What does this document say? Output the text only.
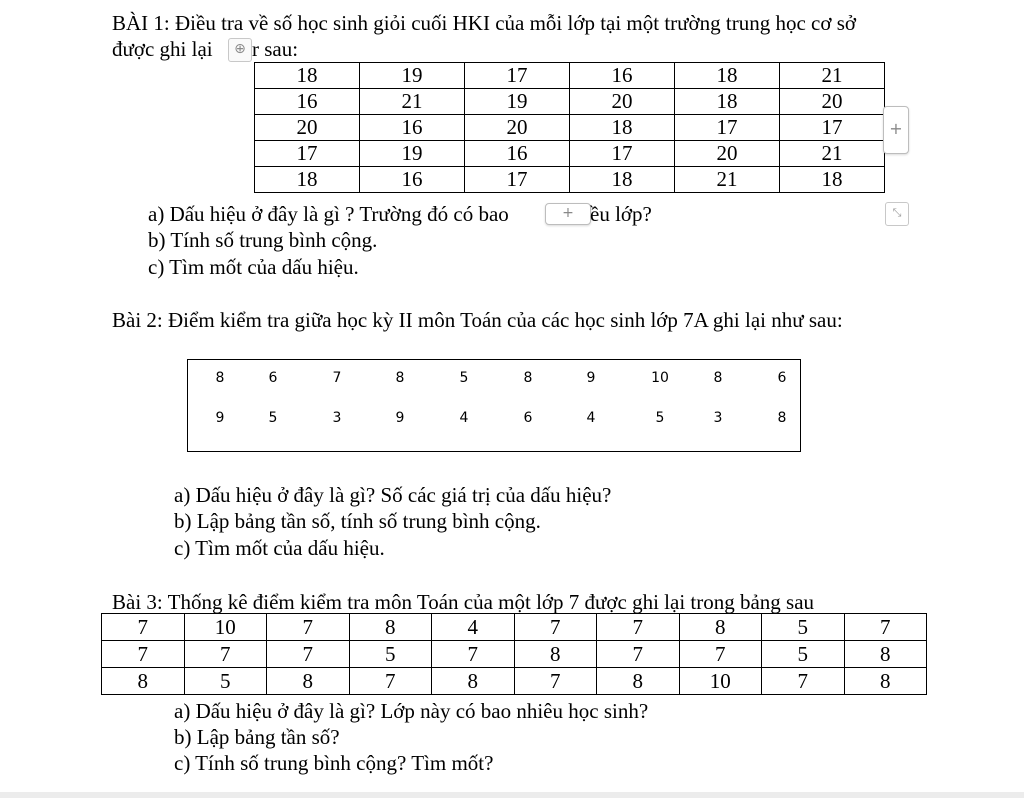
BÀI 1: Điều tra về số học sinh giỏi cuối HKI của mỗi lớp tại một trường trung học cơ sở
được ghi lại	⊕ r sau:
18	19	17	16	18	21
16	21	19	20	18	20
20	16	20	18	17	17
17	19	16	17	20	21
18	16	17	18	21	18
+
a) Dấu hiệu ở đây là gì ? Trường đó có bao	+ ều lớp?	⤡
b) Tính số trung bình cộng.
c) Tìm mốt của dấu hiệu.
Bài 2: Điểm kiểm tra giữa học kỳ II môn Toán của các học sinh lớp 7A ghi lại như sau:
8	6	7	8	5	8	9	10	8	6
9	5	3	9	4	6	4	5	3	8
a) Dấu hiệu ở đây là gì? Số các giá trị của dấu hiệu?
b) Lập bảng tần số, tính số trung bình cộng.
c) Tìm mốt của dấu hiệu.
Bài 3: Thống kê điểm kiểm tra môn Toán của một lớp 7 được ghi lại trong bảng sau
7	10	7	8	4	7	7	8	5	7
7	7	7	5	7	8	7	7	5	8
8	5	8	7	8	7	8	10	7	8
a) Dấu hiệu ở đây là gì? Lớp này có bao nhiêu học sinh?
b) Lập bảng tần số?
c) Tính số trung bình cộng? Tìm mốt?
